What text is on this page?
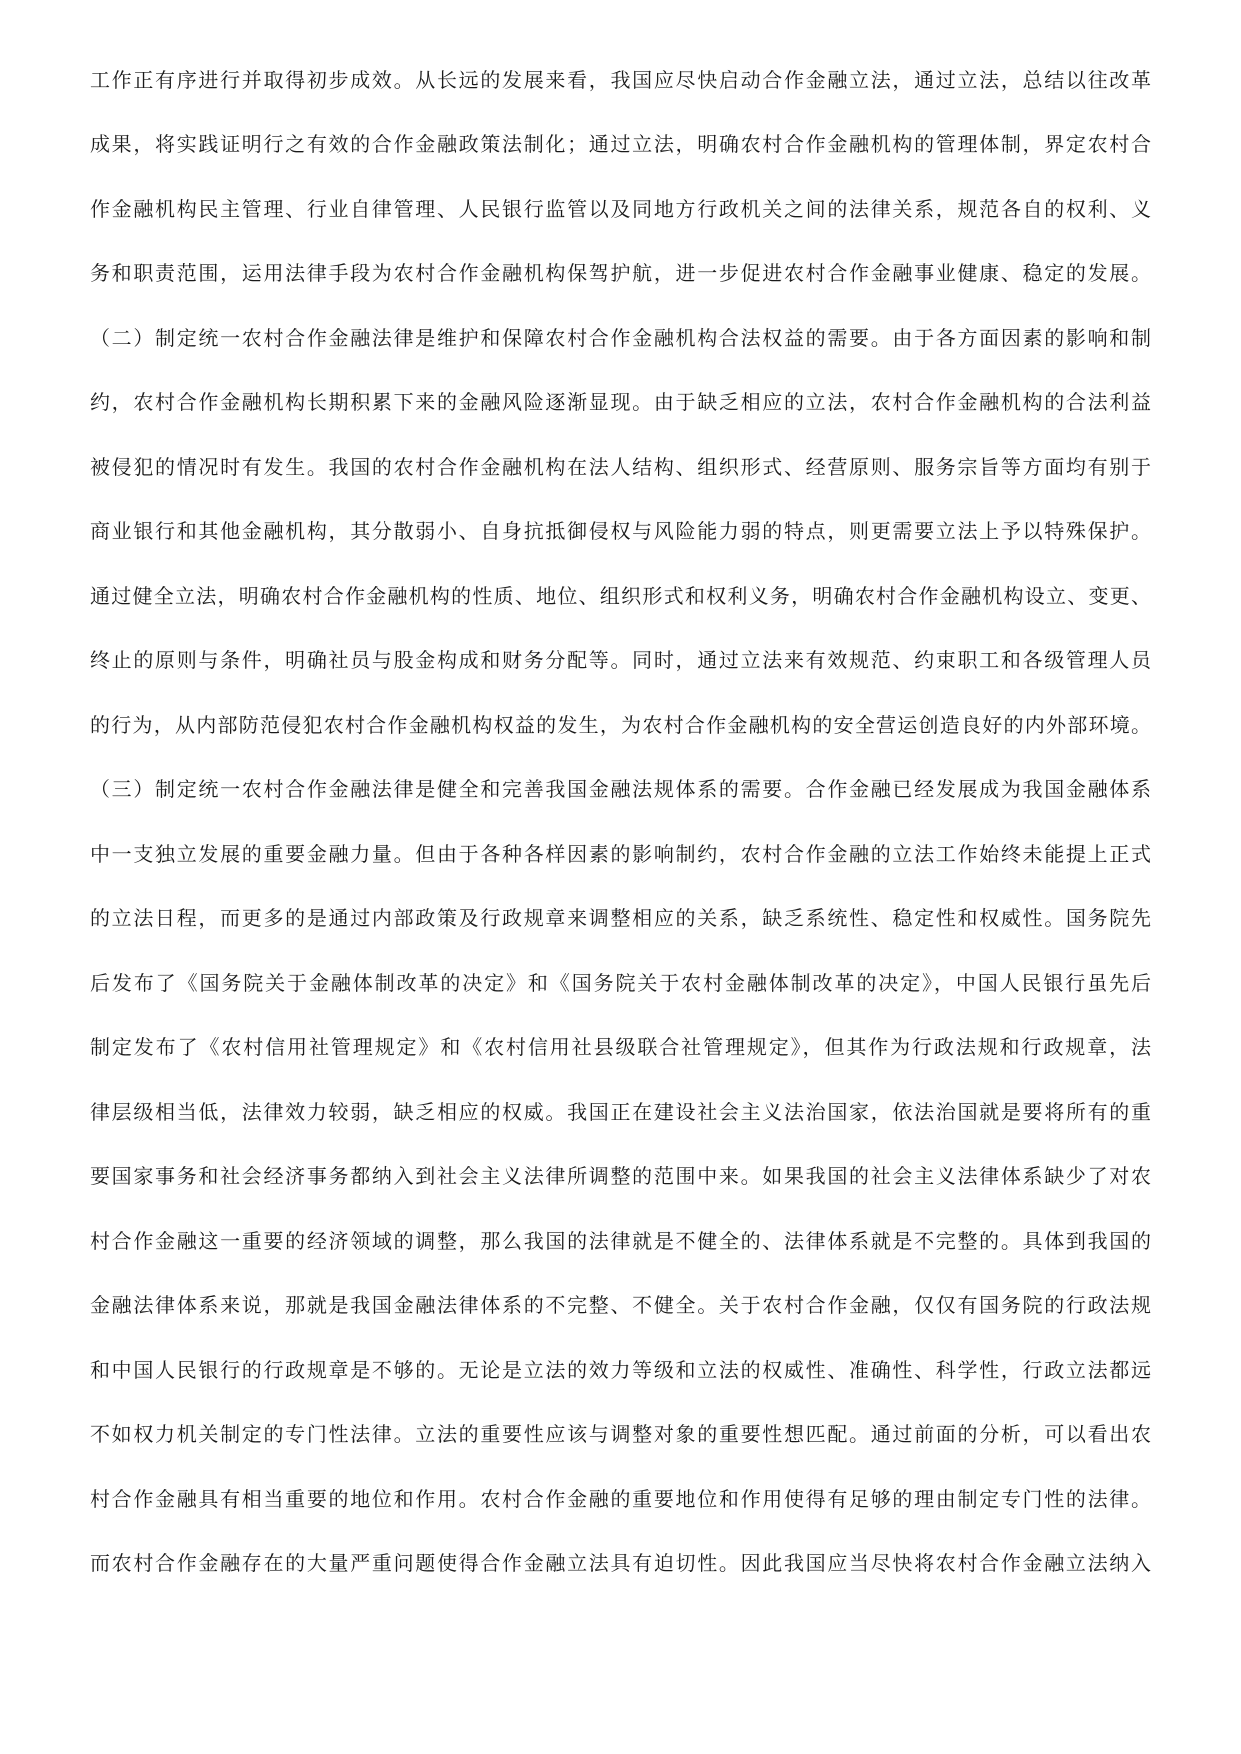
工作正有序进行并取得初步成效。从长远的发展来看，我国应尽快启动合作金融立法，通过立法，总结以往改革
成果，将实践证明行之有效的合作金融政策法制化；通过立法，明确农村合作金融机构的管理体制，界定农村合
作金融机构民主管理、行业自律管理、人民银行监管以及同地方行政机关之间的法律关系，规范各自的权利、义
务和职责范围，运用法律手段为农村合作金融机构保驾护航，进一步促进农村合作金融事业健康、稳定的发展。
（二）制定统一农村合作金融法律是维护和保障农村合作金融机构合法权益的需要。由于各方面因素的影响和制
约，农村合作金融机构长期积累下来的金融风险逐渐显现。由于缺乏相应的立法，农村合作金融机构的合法利益
被侵犯的情况时有发生。我国的农村合作金融机构在法人结构、组织形式、经营原则、服务宗旨等方面均有别于
商业银行和其他金融机构，其分散弱小、自身抗抵御侵权与风险能力弱的特点，则更需要立法上予以特殊保护。
通过健全立法，明确农村合作金融机构的性质、地位、组织形式和权利义务，明确农村合作金融机构设立、变更、
终止的原则与条件，明确社员与股金构成和财务分配等。同时，通过立法来有效规范、约束职工和各级管理人员
的行为，从内部防范侵犯农村合作金融机构权益的发生，为农村合作金融机构的安全营运创造良好的内外部环境。
（三）制定统一农村合作金融法律是健全和完善我国金融法规体系的需要。合作金融已经发展成为我国金融体系
中一支独立发展的重要金融力量。但由于各种各样因素的影响制约，农村合作金融的立法工作始终未能提上正式
的立法日程，而更多的是通过内部政策及行政规章来调整相应的关系，缺乏系统性、稳定性和权威性。国务院先
后发布了《国务院关于金融体制改革的决定》和《国务院关于农村金融体制改革的决定》，中国人民银行虽先后
制定发布了《农村信用社管理规定》和《农村信用社县级联合社管理规定》，但其作为行政法规和行政规章，法
律层级相当低，法律效力较弱，缺乏相应的权威。我国正在建设社会主义法治国家，依法治国就是要将所有的重
要国家事务和社会经济事务都纳入到社会主义法律所调整的范围中来。如果我国的社会主义法律体系缺少了对农
村合作金融这一重要的经济领域的调整，那么我国的法律就是不健全的、法律体系就是不完整的。具体到我国的
金融法律体系来说，那就是我国金融法律体系的不完整、不健全。关于农村合作金融，仅仅有国务院的行政法规
和中国人民银行的行政规章是不够的。无论是立法的效力等级和立法的权威性、准确性、科学性，行政立法都远
不如权力机关制定的专门性法律。立法的重要性应该与调整对象的重要性想匹配。通过前面的分析，可以看出农
村合作金融具有相当重要的地位和作用。农村合作金融的重要地位和作用使得有足够的理由制定专门性的法律。
而农村合作金融存在的大量严重问题使得合作金融立法具有迫切性。因此我国应当尽快将农村合作金融立法纳入
